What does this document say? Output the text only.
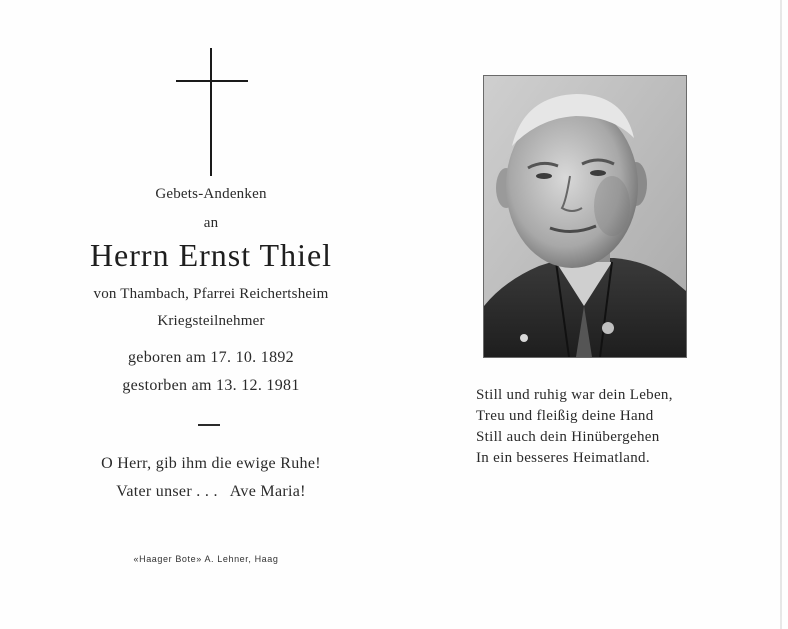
Gebets-Andenken
an
Herrn Ernst Thiel
von Thambach, Pfarrei Reichertsheim
Kriegsteilnehmer
geboren am 17. 10. 1892
gestorben am 13. 12. 1981
O Herr, gib ihm die ewige Ruhe!
Vater unser . . .   Ave Maria!
«Haager Bote» A. Lehner, Haag
Still und ruhig war dein Leben,
Treu und fleißig deine Hand
Still auch dein Hinübergehen
In ein besseres Heimatland.
